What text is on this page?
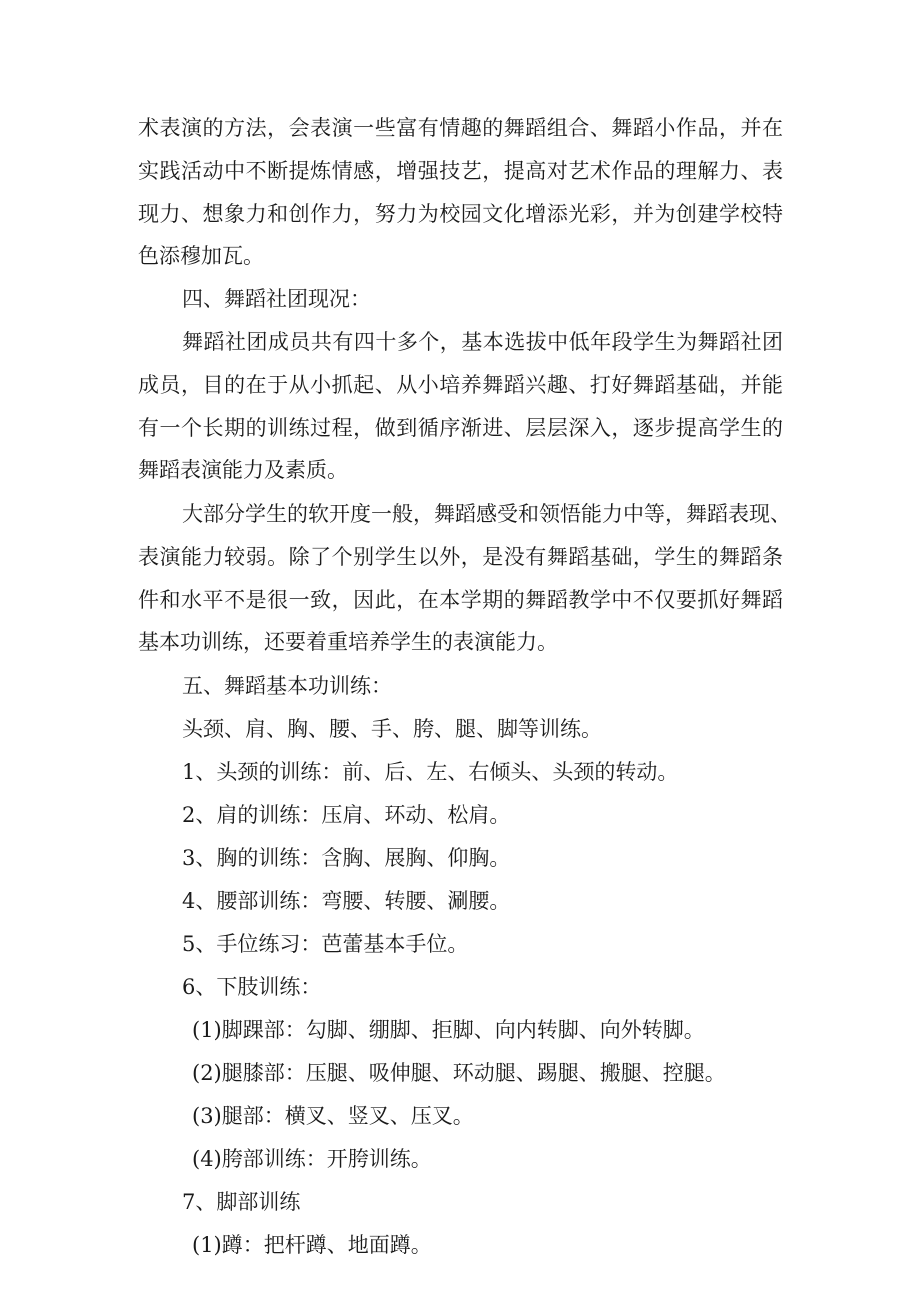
术表演的方法，会表演一些富有情趣的舞蹈组合、舞蹈小作品，并在
实践活动中不断提炼情感，增强技艺，提高对艺术作品的理解力、表
现力、想象力和创作力，努力为校园文化增添光彩，并为创建学校特
色添穆加瓦。
四、舞蹈社团现况：
舞蹈社团成员共有四十多个，基本选拔中低年段学生为舞蹈社团
成员，目的在于从小抓起、从小培养舞蹈兴趣、打好舞蹈基础，并能
有一个长期的训练过程，做到循序渐进、层层深入，逐步提高学生的
舞蹈表演能力及素质。
大部分学生的软开度一般，舞蹈感受和领悟能力中等，舞蹈表现、
表演能力较弱。除了个别学生以外，是没有舞蹈基础，学生的舞蹈条
件和水平不是很一致，因此，在本学期的舞蹈教学中不仅要抓好舞蹈
基本功训练，还要着重培养学生的表演能力。
五、舞蹈基本功训练：
头颈、肩、胸、腰、手、胯、腿、脚等训练。
1、头颈的训练：前、后、左、右倾头、头颈的转动。
2、肩的训练：压肩、环动、松肩。
3、胸的训练：含胸、展胸、仰胸。
4、腰部训练：弯腰、转腰、涮腰。
5、手位练习：芭蕾基本手位。
6、下肢训练：
(1)脚踝部：勾脚、绷脚、拒脚、向内转脚、向外转脚。
(2)腿膝部：压腿、吸伸腿、环动腿、踢腿、搬腿、控腿。
(3)腿部：横叉、竖叉、压叉。
(4)胯部训练：开胯训练。
7、脚部训练
(1)蹲：把杆蹲、地面蹲。
